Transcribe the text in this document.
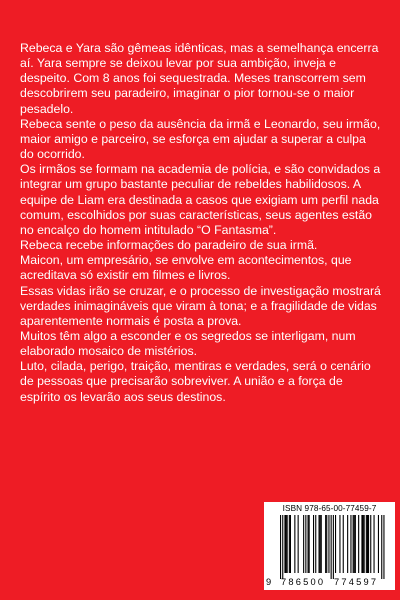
Rebeca e Yara são gêmeas idênticas, mas a semelhança encerra aí. Yara sempre se deixou levar por sua ambição, inveja e despeito. Com 8 anos foi sequestrada. Meses transcorrem sem descobrirem seu paradeiro, imaginar o pior tornou-se o maior pesadelo.

Rebeca sente o peso da ausência da irmã e Leonardo, seu irmão, maior amigo e parceiro, se esforça em ajudar a superar a culpa do ocorrido.

Os irmãos se formam na academia de polícia, e são convidados a integrar um grupo bastante peculiar de rebeldes habilidosos. A equipe de Liam era destinada a casos que exigiam um perfil nada comum, escolhidos por suas características, seus agentes estão no encalço do homem intitulado “O Fantasma”.

Rebeca recebe informações do paradeiro de sua irmã.

Maicon, um empresário, se envolve em acontecimentos, que acreditava só existir em filmes e livros.

Essas vidas irão se cruzar, e o processo de investigação mostrará verdades inimagináveis que viram à tona; e a fragilidade de vidas aparentemente normais é posta a prova.

Muitos têm algo a esconder e os segredos se interligam, num elaborado mosaico de mistérios.

Luto, cilada, perigo, traição, mentiras e verdades, será o cenário de pessoas que precisarão sobreviver. A união e a força de espírito os levarão aos seus destinos.

ISBN 978-65-00-77459-7
9 786500 774597
